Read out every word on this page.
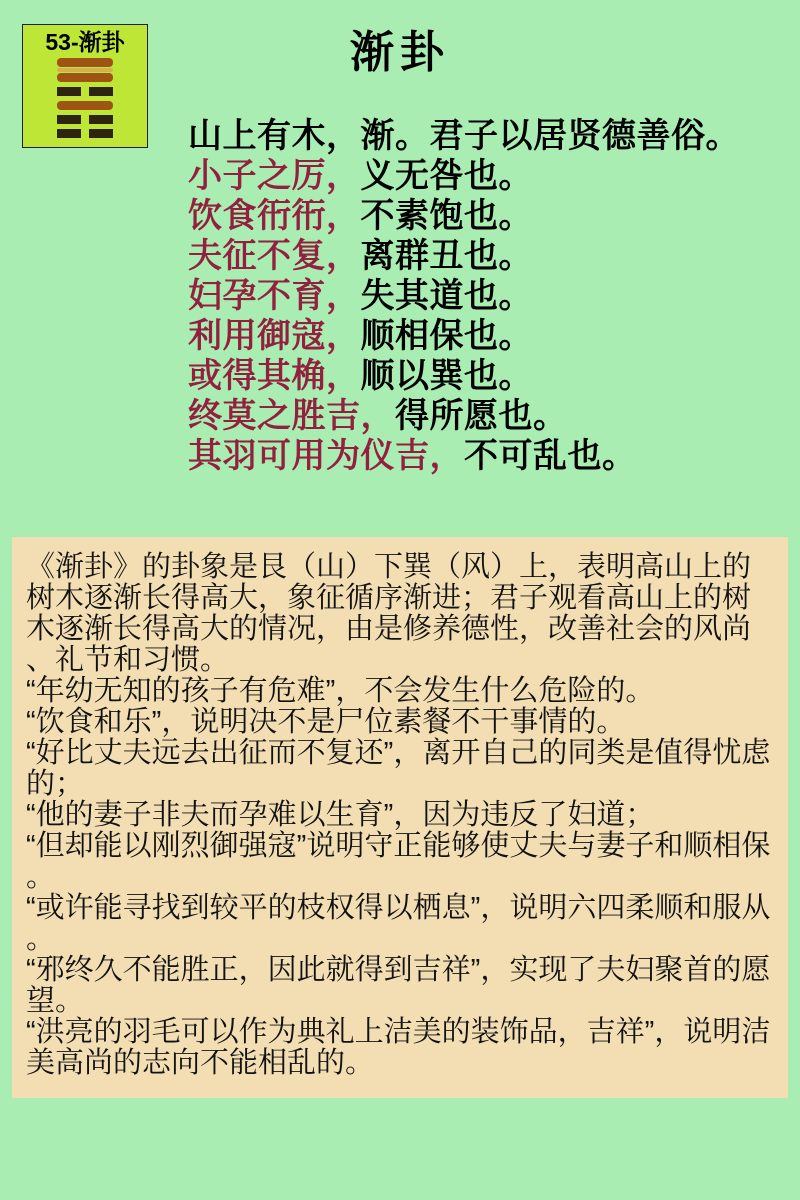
53-渐卦	渐卦
山上有木，渐。君子以居贤德善俗。
小子之厉，义无咎也。
饮食衎衎，不素饱也。
夫征不复，离群丑也。
妇孕不育，失其道也。
利用御寇，顺相保也。
或得其桷，顺以巽也。
终莫之胜吉，得所愿也。
其羽可用为仪吉，不可乱也。

《渐卦》的卦象是艮（山）下巽（风）上，表明高山上的树木逐渐长得高大，象征循序渐进；君子观看高山上的树木逐渐长得高大的情况，由是修养德性，改善社会的风尚、礼节和习惯。

“年幼无知的孩子有危难”，不会发生什么危险的。

“饮食和乐”，说明决不是尸位素餐不干事情的。

“好比丈夫远去出征而不复还”，离开自己的同类是值得忧虑的；

“他的妻子非夫而孕难以生育”，因为违反了妇道；

“但却能以刚烈御强寇”说明守正能够使丈夫与妻子和顺相保。

“或许能寻找到较平的枝权得以栖息”，说明六四柔顺和服从。

“邪终久不能胜正，因此就得到吉祥”，实现了夫妇聚首的愿望。

“洪亮的羽毛可以作为典礼上洁美的装饰品，吉祥”，说明洁美高尚的志向不能相乱的。
